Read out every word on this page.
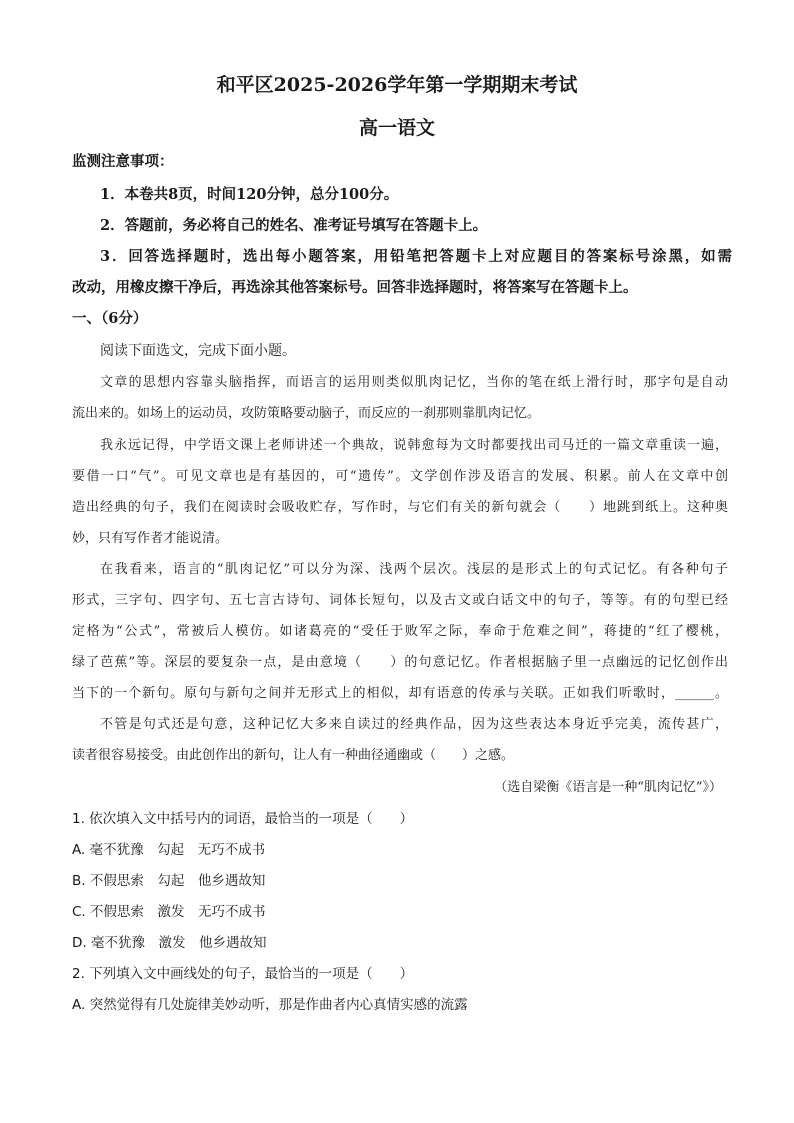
和平区2025-2026学年第一学期期末考试
高一语文

监测注意事项：

1．本卷共8页，时间120分钟，总分100分。

2．答题前，务必将自己的姓名、准考证号填写在答题卡上。

3．回答选择题时，选出每小题答案，用铅笔把答题卡上对应题目的答案标号涂黑，如需

改动，用橡皮擦干净后，再选涂其他答案标号。回答非选择题时，将答案写在答题卡上。

一、（6分）

阅读下面选文，完成下面小题。

文章的思想内容靠头脑指挥，而语言的运用则类似肌肉记忆，当你的笔在纸上滑行时，那字句是自动

流出来的。如场上的运动员，攻防策略要动脑子，而反应的一刹那则靠肌肉记忆。

我永远记得，中学语文课上老师讲述一个典故，说韩愈每为文时都要找出司马迁的一篇文章重读一遍，

要借一口“气”。可见文章也是有基因的，可“遗传”。文学创作涉及语言的发展、积累。前人在文章中创

造出经典的句子，我们在阅读时会吸收贮存，写作时，与它们有关的新句就会（　　）地跳到纸上。这种奥

妙，只有写作者才能说清。

在我看来，语言的“肌肉记忆”可以分为深、浅两个层次。浅层的是形式上的句式记忆。有各种句子

形式，三字句、四字句、五七言古诗句、词体长短句，以及古文或白话文中的句子，等等。有的句型已经

定格为“公式”，常被后人模仿。如诸葛亮的“受任于败军之际，奉命于危难之间”，蒋捷的“红了樱桃，

绿了芭蕉”等。深层的要复杂一点，是由意境（　　）的句意记忆。作者根据脑子里一点幽远的记忆创作出

当下的一个新句。原句与新句之间并无形式上的相似，却有语意的传承与关联。正如我们听歌时，______。

不管是句式还是句意，这种记忆大多来自读过的经典作品，因为这些表达本身近乎完美，流传甚广，

读者很容易接受。由此创作出的新句，让人有一种曲径通幽或（　　）之感。

（选自梁衡《语言是一种“肌肉记忆”》）

1. 依次填入文中括号内的词语，最恰当的一项是（　　）

A. 毫不犹豫　勾起　无巧不成书

B. 不假思索　勾起　他乡遇故知

C. 不假思索　激发　无巧不成书

D. 毫不犹豫　激发　他乡遇故知

2. 下列填入文中画线处的句子，最恰当的一项是（　　）

A. 突然觉得有几处旋律美妙动听，那是作曲者内心真情实感的流露
